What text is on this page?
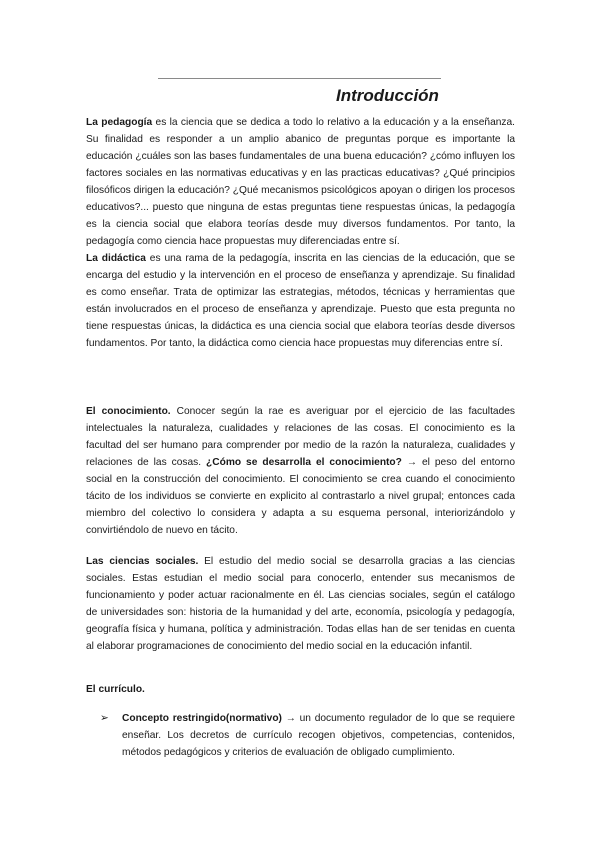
Introducción

La pedagogía es la ciencia que se dedica a todo lo relativo a la educación y a la enseñanza. Su finalidad es responder a un amplio abanico de preguntas porque es importante la educación ¿cuáles son las bases fundamentales de una buena educación? ¿cómo influyen los factores sociales en las normativas educativas y en las practicas educativas? ¿Qué principios filosóficos dirigen la educación? ¿Qué mecanismos psicológicos apoyan o dirigen los procesos educativos?... puesto que ninguna de estas preguntas tiene respuestas únicas, la pedagogía es la ciencia social que elabora teorías desde muy diversos fundamentos. Por tanto, la pedagogía como ciencia hace propuestas muy diferenciadas entre sí.

La didáctica es una rama de la pedagogía, inscrita en las ciencias de la educación, que se encarga del estudio y la intervención en el proceso de enseñanza y aprendizaje. Su finalidad es como enseñar. Trata de optimizar las estrategias, métodos, técnicas y herramientas que están involucrados en el proceso de enseñanza y aprendizaje. Puesto que esta pregunta no tiene respuestas únicas, la didáctica es una ciencia social que elabora teorías desde diversos fundamentos. Por tanto, la didáctica como ciencia hace propuestas muy diferencias entre sí.

El conocimiento. Conocer según la rae es averiguar por el ejercicio de las facultades intelectuales la naturaleza, cualidades y relaciones de las cosas. El conocimiento es la facultad del ser humano para comprender por medio de la razón la naturaleza, cualidades y relaciones de las cosas. ¿Cómo se desarrolla el conocimiento? → el peso del entorno social en la construcción del conocimiento. El conocimiento se crea cuando el conocimiento tácito de los individuos se convierte en explicito al contrastarlo a nivel grupal; entonces cada miembro del colectivo lo considera y adapta a su esquema personal, interiorizándolo y convirtiéndolo de nuevo en tácito.

Las ciencias sociales. El estudio del medio social se desarrolla gracias a las ciencias sociales. Estas estudian el medio social para conocerlo, entender sus mecanismos de funcionamiento y poder actuar racionalmente en él. Las ciencias sociales, según el catálogo de universidades son: historia de la humanidad y del arte, economía, psicología y pedagogía, geografía física y humana, política y administración. Todas ellas han de ser tenidas en cuenta al elaborar programaciones de conocimiento del medio social en la educación infantil.

El currículo.
➢ Concepto restringido(normativo) → un documento regulador de lo que se requiere enseñar. Los decretos de currículo recogen objetivos, competencias, contenidos, métodos pedagógicos y criterios de evaluación de obligado cumplimiento.
